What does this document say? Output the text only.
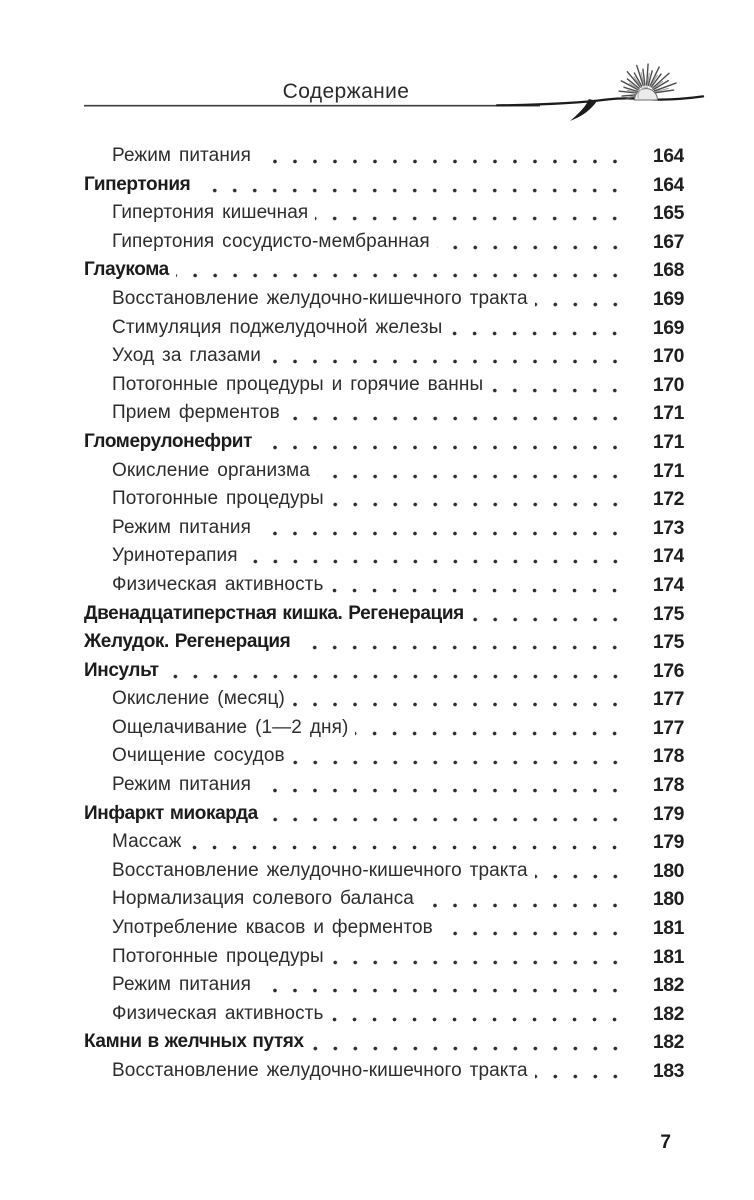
Содержание
Режим питания	164
Гипертония	164
Гипертония кишечная	165
Гипертония сосудисто-мембранная	167
Глаукома	168
Восстановление желудочно-кишечного тракта	169
Стимуляция поджелудочной железы	169
Уход за глазами	170
Потогонные процедуры и горячие ванны	170
Прием ферментов	171
Гломерулонефрит	171
Окисление организма	171
Потогонные процедуры	172
Режим питания	173
Уринотерапия	174
Физическая активность	174
Двенадцатиперстная кишка. Регенерация	175
Желудок. Регенерация	175
Инсульт	176
Окисление (месяц)	177
Ощелачивание (1—2 дня)	177
Очищение сосудов	178
Режим питания	178
Инфаркт миокарда	179
Массаж	179
Восстановление желудочно-кишечного тракта	180
Нормализация солевого баланса	180
Употребление квасов и ферментов	181
Потогонные процедуры	181
Режим питания	182
Физическая активность	182
Камни в желчных путях	182
Восстановление желудочно-кишечного тракта	183
7
